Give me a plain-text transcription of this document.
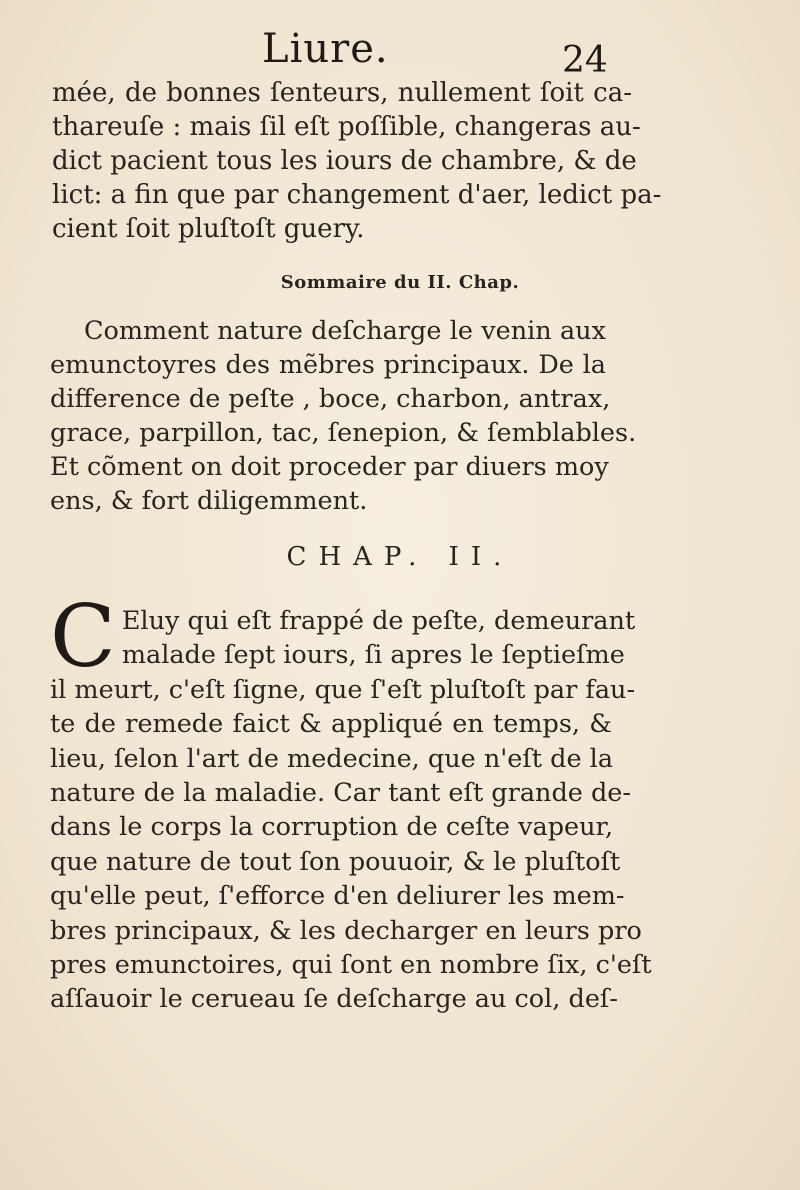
Liure.	24
mée, de bonnes ſenteurs, nullement ſoit ca-
thareuſe : mais ſil eſt poſſible, changeras au-
dict pacient tous les iours de chambre, & de
lict: a fin que par changement d'aer, ledict pa-
cient ſoit pluſtoſt guery.
Sommaire du II. Chap.
Comment nature deſcharge le venin aux
emunctoyres des mẽbres principaux. De la
difference de peſte , boce, charbon, antrax,
grace, parpillon, tac, ſenepion, & ſemblables.
Et cõment on doit proceder par diuers moy
ens, & fort diligemment.
CHAP. II.
C Eluy qui eſt frappé de peſte, demeurant
malade ſept iours, ſi apres le ſeptieſme
il meurt, c'eſt ſigne, que ſ'eſt pluſtoſt par fau-
te de remede faict & appliqué en temps, &
lieu, ſelon l'art de medecine, que n'eſt de la
nature de la maladie. Car tant eſt grande de-
dans le corps la corruption de ceſte vapeur,
que nature de tout ſon pouuoir, & le pluſtoſt
qu'elle peut, ſ'efforce d'en deliurer les mem-
bres principaux, & les decharger en leurs pro
pres emunctoires, qui ſont en nombre ſix, c'eſt
aſſauoir le cerueau ſe deſcharge au col, deſ-
